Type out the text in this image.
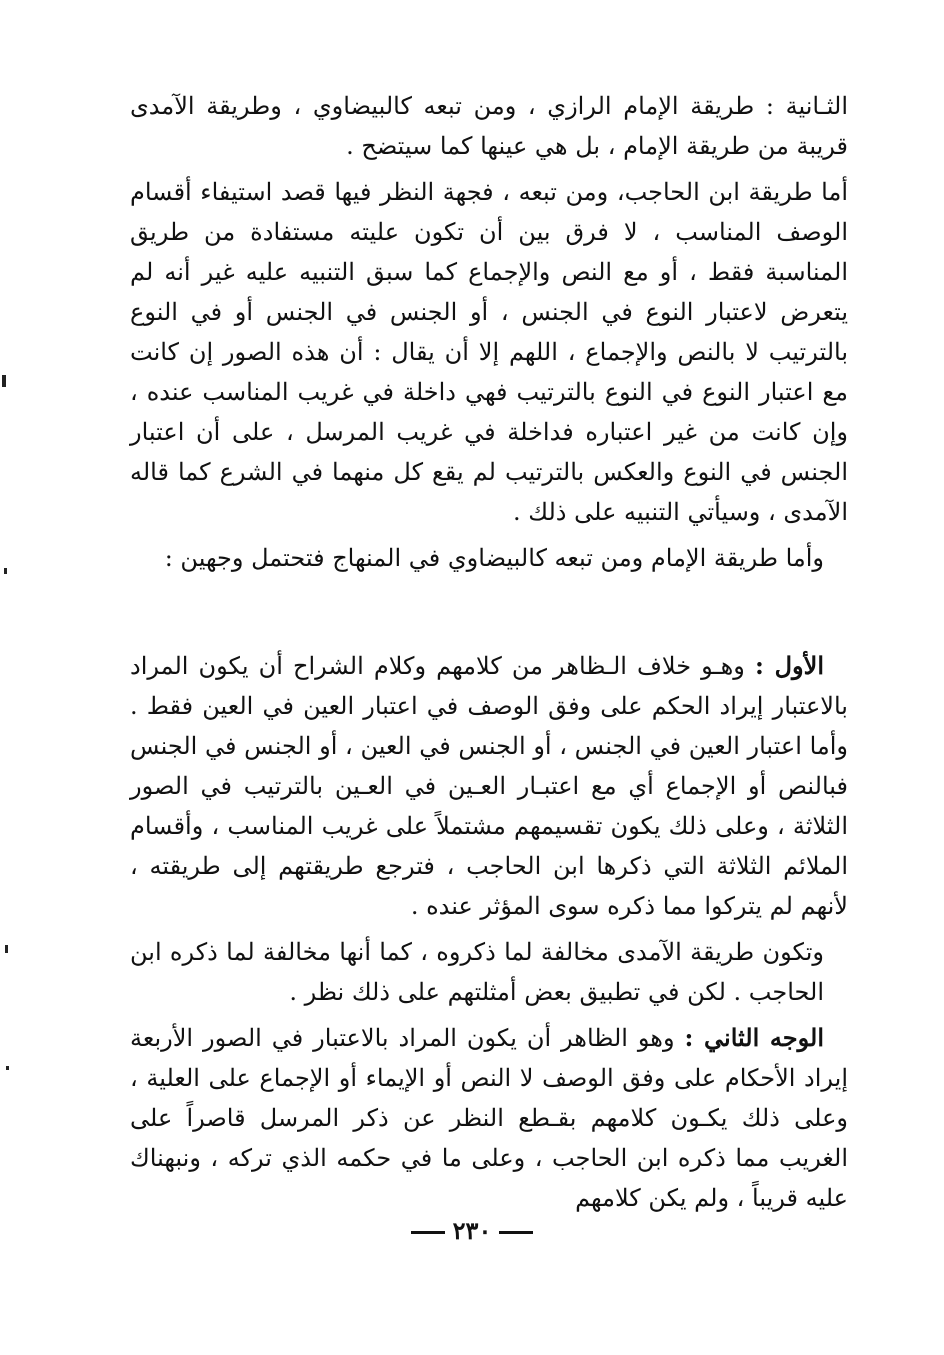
الثـانية : طريقة الإمام الرازي ، ومن تبعه كالبيضاوي ، وطريقة الآمدى قريبة من طريقة الإمام ، بل هي عينها كما سيتضح .

أما طريقة ابن الحاجب، ومن تبعه ، فجهة النظر فيها قصد استيفاء أقسام الوصف المناسب ، لا فرق بين أن تكون عليته مستفادة من طريق المناسبة فقط ، أو مع النص والإجماع كما سبق التنبيه عليه غير أنه لم يتعرض لاعتبار النوع في الجنس ، أو الجنس في الجنس أو في النوع بالترتيب لا بالنص والإجماع ، اللهم إلا أن يقال : أن هذه الصور إن كانت مع اعتبار النوع في النوع بالترتيب فهي داخلة في غريب المناسب عنده ، وإن كانت من غير اعتباره فداخلة في غريب المرسل ، على أن اعتبار الجنس في النوع والعكس بالترتيب لم يقع كل منهما في الشرع كما قاله الآمدى ، وسيأتي التنبيه على ذلك .

وأما طريقة الإمام ومن تبعه كالبيضاوي في المنهاج فتحتمل وجهين :

الأول : وهـو خلاف الـظاهر من كلامهم وكلام الشراح أن يكون المراد بالاعتبار إيراد الحكم على وفق الوصف في اعتبار العين في العين فقط . وأما اعتبار العين في الجنس ، أو الجنس في العين ، أو الجنس في الجنس فبالنص أو الإجماع أي مع اعتبـار العـين في العـين بالترتيب في الصور الثلاثة ، وعلى ذلك يكون تقسيمهم مشتملاً على غريب المناسب ، وأقسام الملائم الثلاثة التي ذكرها ابن الحاجب ، فترجع طريقتهم إلى طريقته ، لأنهم لم يتركوا مما ذكره سوى المؤثر عنده .

وتكون طريقة الآمدى مخالفة لما ذكروه ، كما أنها مخالفة لما ذكره ابن الحاجب . لكن في تطبيق بعض أمثلتهم على ذلك نظر .

الوجه الثاني : وهو الظاهر أن يكون المراد بالاعتبار في الصور الأربعة إيراد الأحكام على وفق الوصف لا النص أو الإيماء أو الإجماع على العلية ، وعلى ذلك يكـون كلامهم بقـطع النظر عن ذكر المرسل قاصراً على الغريب مما ذكره ابن الحاجب ، وعلى ما في حكمه الذي تركه ، ونبهناك عليه قريباً ، ولم يكن كلامهم

٢٣٠
